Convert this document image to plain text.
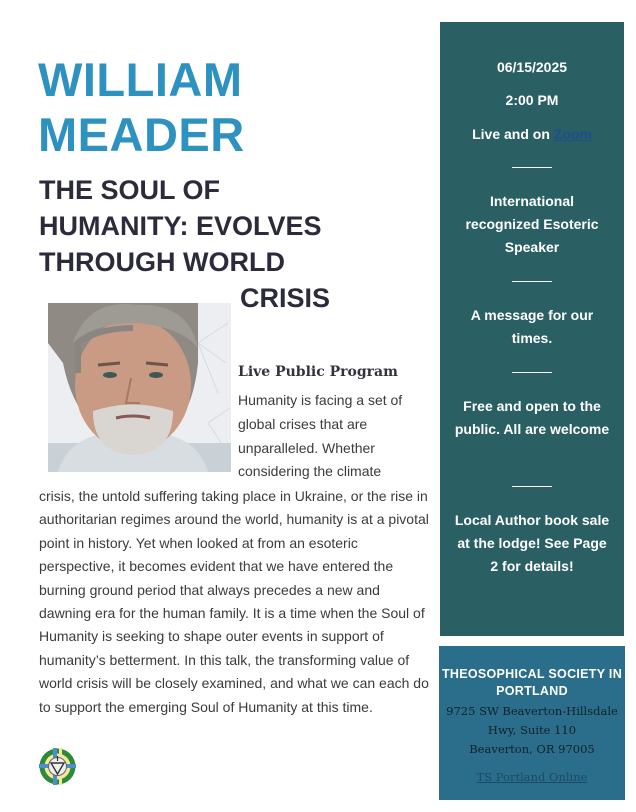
WILLIAM
MEADER
THE SOUL OF
HUMANITY: EVOLVES
THROUGH WORLD
CRISIS

Live Public Program

Humanity is facing a set of global crises that are unparalleled. Whether considering the climate

crisis, the untold suffering taking place in Ukraine, or the rise in authoritarian regimes around the world, humanity is at a pivotal point in history. Yet when looked at from an esoteric perspective, it becomes evident that we have entered the burning ground period that always precedes a new and dawning era for the human family. It is a time when the Soul of Humanity is seeking to shape outer events in support of humanity’s betterment. In this talk, the transforming value of world crisis will be closely examined, and what we can each do to support the emerging Soul of Humanity at this time.

06/15/2025

2:00 PM

Live and on Zoom

International recognized Esoteric Speaker

A message for our times.

Free and open to the public. All are welcome

Local Author book sale at the lodge! See Page 2 for details!

THEOSOPHICAL SOCIETY IN PORTLAND

9725 SW Beaverton-Hillsdale Hwy, Suite 110
Beaverton, OR 97005

TS Portland Online
